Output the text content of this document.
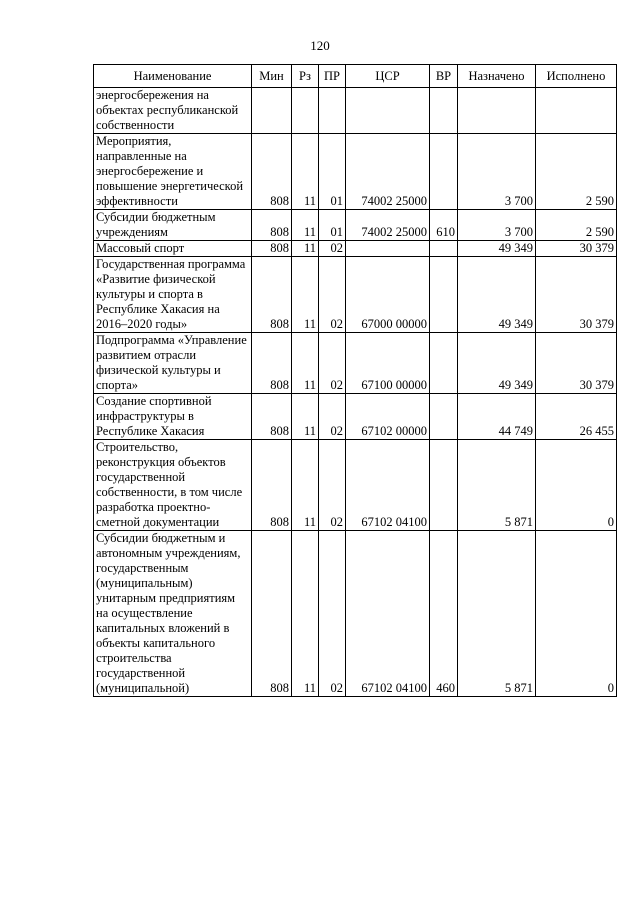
120
Наименование	Мин	Рз	ПР	ЦСР	ВР	Назначено	Исполнено
энергосбережения на объектах республиканской собственности							
Мероприятия, направленные на энергосбережение и повышение энергетической эффективности	808	11	01	74002 25000		3 700	2 590
Субсидии бюджетным учреждениям	808	11	01	74002 25000	610	3 700	2 590
Массовый спорт	808	11	02			49 349	30 379
Государственная программа «Развитие физической культуры и спорта в Республике Хакасия на 2016–2020 годы»	808	11	02	67000 00000		49 349	30 379
Подпрограмма «Управление развитием отрасли физической культуры и спорта»	808	11	02	67100 00000		49 349	30 379
Создание спортивной инфраструктуры в Республике Хакасия	808	11	02	67102 00000		44 749	26 455
Строительство, реконструкция объектов государственной собственности, в том числе разработка проектно-сметной документации	808	11	02	67102 04100		5 871	0
Субсидии бюджетным и автономным учреждениям, государственным (муниципальным) унитарным предприятиям на осуществление капитальных вложений в объекты капитального строительства государственной (муниципальной)	808	11	02	67102 04100	460	5 871	0
